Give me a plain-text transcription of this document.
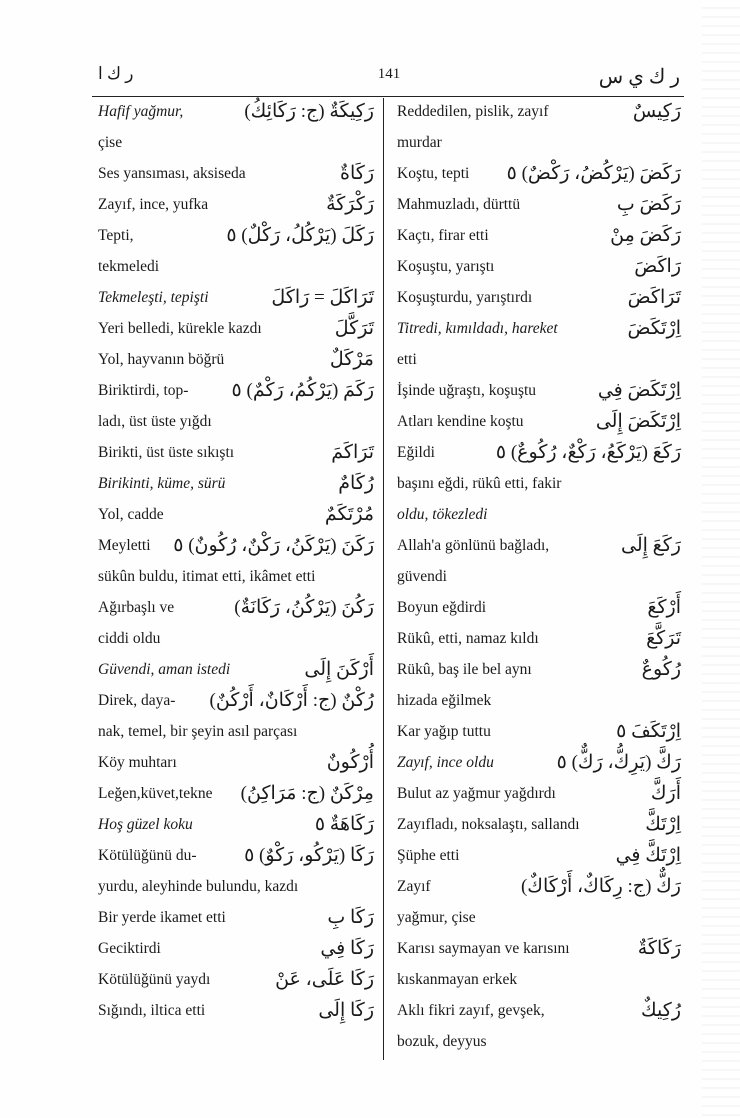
ر ك ا	141	ر ك ي س
Hafif yağmur,	رَكِيكَةٌ (ج: رَكَائِكُ)
çise
Ses yansıması, aksiseda	رَكَاةٌ
Zayıf, ince, yufka	رَكْرَكَةٌ
Tepti,	رَكَلَ (يَرْكُلُ، رَكْلٌ) ٥
tekmeledi
Tekmeleşti, tepişti	تَرَاكَلَ = رَاكَلَ
Yeri belledi, kürekle kazdı	تَرَكَّلَ
Yol, hayvanın böğrü	مَرْكَلٌ
Biriktirdi, top- رَكَمَ (يَرْكُمُ، رَكْمٌ) ٥
ladı, üst üste yığdı
Birikti, üst üste sıkıştı	تَرَاكَمَ
Birikinti, küme, sürü	رُكَامٌ
Yol, cadde	مُرْتَكَمٌ
Meyletti رَكَنَ (يَرْكَنُ، رَكْنٌ، رُكُونٌ) ٥
sükûn buldu, itimat etti, ikâmet etti
Ağırbaşlı ve	رَكُنَ (يَرْكُنُ، رَكَانَةٌ)
ciddi oldu
Güvendi, aman istedi	أَرْكَنَ إِلَى
Direk, daya- رُكْنٌ (ج: أَرْكَانٌ، أَرْكُنٌ)
nak, temel, bir şeyin asıl parçası
Köy muhtarı	أُرْكُونٌ
Leğen,küvet,tekne مِرْكَنٌ (ج: مَرَاكِنُ)
Hoş güzel koku	رَكَاهَةٌ ٥
Kötülüğünü du- رَكَا (يَرْكُو، رَكْوٌ) ٥
yurdu, aleyhinde bulundu, kazdı
Bir yerde ikamet etti	رَكَا بِ
Geciktirdi	رَكَا فِي
Kötülüğünü yaydı	رَكَا عَلَى، عَنْ
Sığındı, iltica etti	رَكَا إِلَى
Reddedilen, pislik, zayıf	رَكِيسٌ
murdar
Koştu, tepti رَكَضَ (يَرْكُضُ، رَكْضٌ) ٥
Mahmuzladı, dürttü	رَكَضَ بِ
Kaçtı, firar etti	رَكَضَ مِنْ
Koşuştu, yarıştı	رَاكَضَ
Koşuşturdu, yarıştırdı	تَرَاكَضَ
Titredi, kımıldadı, hareket	اِرْتَكَضَ
etti
İşinde uğraştı, koşuştu	اِرْتَكَضَ فِي
Atları kendine koştu	اِرْتَكَضَ إِلَى
Eğildi	رَكَعَ (يَرْكَعُ، رَكْعٌ، رُكُوعٌ) ٥
başını eğdi, rükû etti, fakir
oldu, tökezledi
Allah'a gönlünü bağladı,	رَكَعَ إِلَى
güvendi
Boyun eğdirdi	أَرْكَعَ
Rükû, etti, namaz kıldı	تَرَكَّعَ
Rükû, baş ile bel aynı	رُكُوعٌ
hizada eğilmek
Kar yağıp tuttu	اِرْتَكَفَ ٥
Zayıf, ince oldu	رَكَّ (يَرِكُّ، رَكٌّ) ٥
Bulut az yağmur yağdırdı	أَرَكَّ
Zayıfladı, noksalaştı, sallandı	اِرْتَكَّ
Şüphe etti	اِرْتَكَّ فِي
Zayıf	رَكٌّ (ج: رِكَاكٌ، أَرْكَاكٌ)
yağmur, çise
Karısı saymayan ve karısını	رَكَاكَةٌ
kıskanmayan erkek
Aklı fikri zayıf, gevşek,	رُكِيكٌ
bozuk, deyyus
